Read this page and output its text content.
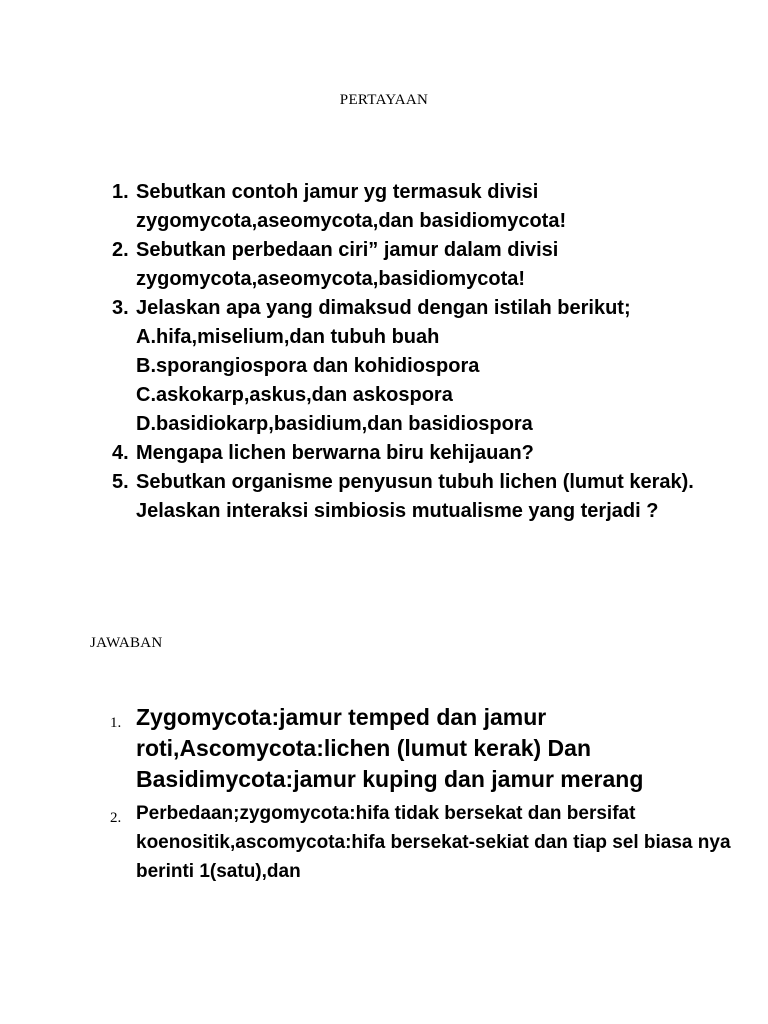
PERTAYAAN
1. Sebutkan contoh jamur yg termasuk divisi zygomycota,aseomycota,dan basidiomycota!
2. Sebutkan perbedaan ciri” jamur dalam divisi zygomycota,aseomycota,basidiomycota!
3. Jelaskan apa yang dimaksud dengan istilah berikut;
A.hifa,miselium,dan tubuh buah
B.sporangiospora dan kohidiospora
C.askokarp,askus,dan askospora
D.basidiokarp,basidium,dan basidiospora
4. Mengapa lichen berwarna biru kehijauan?
5. Sebutkan organisme penyusun tubuh lichen (lumut kerak). Jelaskan interaksi simbiosis mutualisme yang terjadi ?
JAWABAN
1. Zygomycota:jamur temped dan jamur roti,Ascomycota:lichen (lumut kerak) Dan Basidimycota:jamur kuping dan jamur merang
2. Perbedaan;zygomycota:hifa tidak bersekat dan bersifat koenositik,ascomycota:hifa bersekat-sekiat dan tiap sel biasa nya berinti 1(satu),dan
